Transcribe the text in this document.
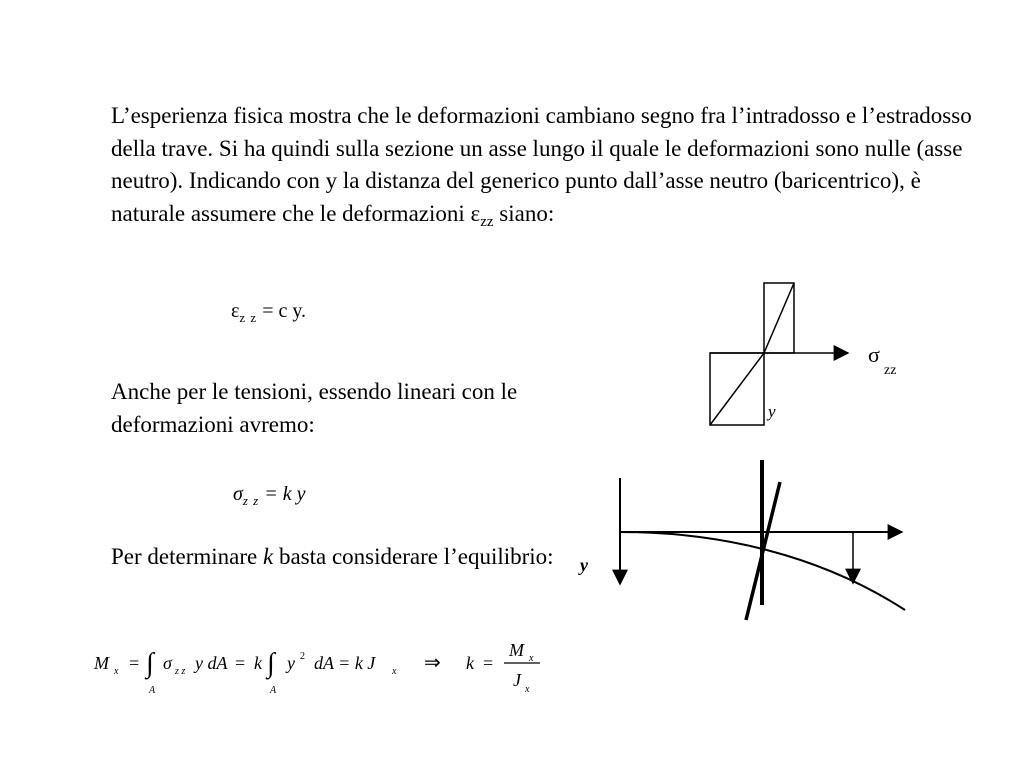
L’esperienza fisica mostra che le deformazioni cambiano segno fra l’intradosso e l’estradosso della trave. Si ha quindi sulla sezione un asse lungo il quale le deformazioni sono nulle (asse neutro). Indicando con y la distanza del generico punto dall’asse neutro (baricentrico), è naturale assumere che le deformazioni $\varepsilon_{zz}$ siano:

$\varepsilon_{z z} = c$ y.

Anche per le tensioni, essendo lineari con le deformazioni avremo:

$\sigma_{z z} = k$ y

Per determinare k basta considerare l’equilibrio:

σ
zz
y
y
M x = ∫
A
σ z z y dA = k ∫
A
y 2 dA = k J x ⇒ k =
M x
J x
